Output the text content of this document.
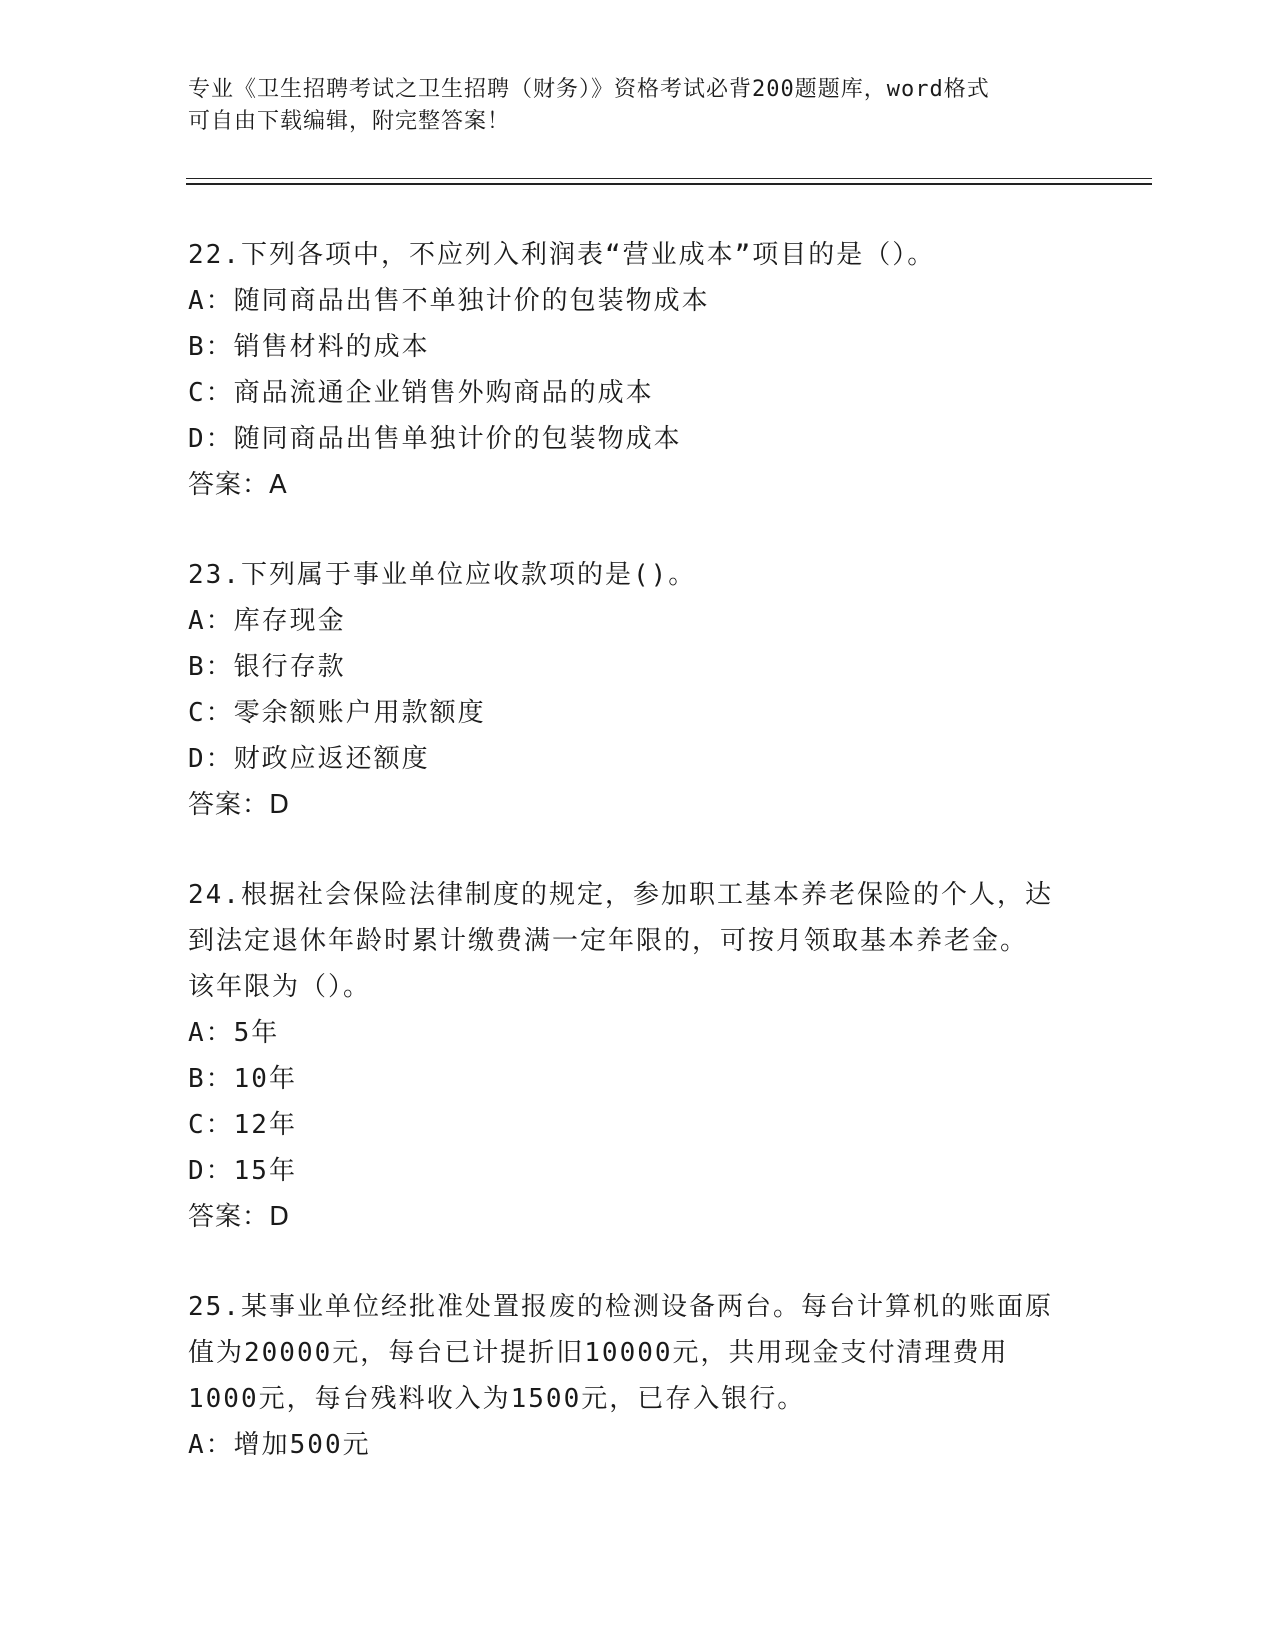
专业《卫生招聘考试之卫生招聘（财务）》资格考试必背200题题库，word格式
可自由下载编辑，附完整答案！
22.下列各项中，不应列入利润表“营业成本”项目的是（）。
A：随同商品出售不单独计价的包装物成本
B：销售材料的成本
C：商品流通企业销售外购商品的成本
D：随同商品出售单独计价的包装物成本
答案：A
23.下列属于事业单位应收款项的是()。
A：库存现金
B：银行存款
C：零余额账户用款额度
D：财政应返还额度
答案：D
24.根据社会保险法律制度的规定，参加职工基本养老保险的个人，达
到法定退休年龄时累计缴费满一定年限的，可按月领取基本养老金。
该年限为（）。
A：5年
B：10年
C：12年
D：15年
答案：D
25.某事业单位经批准处置报废的检测设备两台。每台计算机的账面原
值为20000元，每台已计提折旧10000元，共用现金支付清理费用
1000元，每台残料收入为1500元，已存入银行。
A：增加500元
